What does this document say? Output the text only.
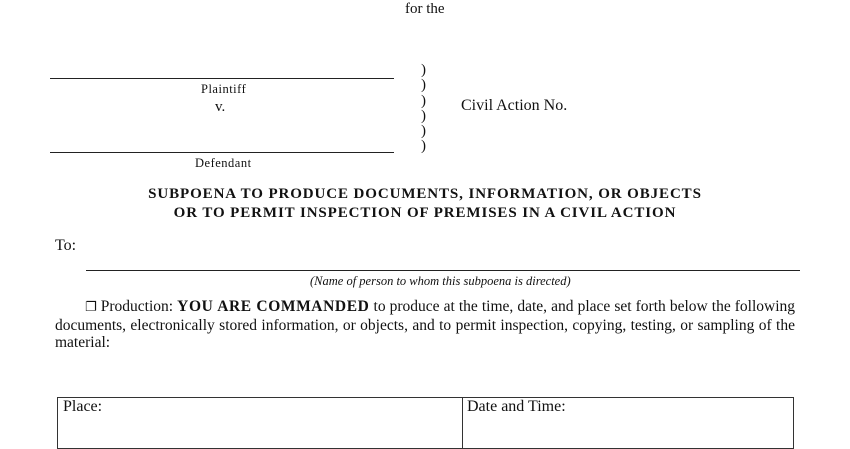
for the
Plaintiff
v.
Defendant
)
)
)
)
)
)
Civil Action No.
SUBPOENA TO PRODUCE DOCUMENTS, INFORMATION, OR OBJECTS
OR TO PERMIT INSPECTION OF PREMISES IN A CIVIL ACTION
To:
(Name of person to whom this subpoena is directed)
❐ Production: YOU ARE COMMANDED to produce at the time, date, and place set forth below the following documents, electronically stored information, or objects, and to permit inspection, copying, testing, or sampling of the material:
Place:	Date and Time:
